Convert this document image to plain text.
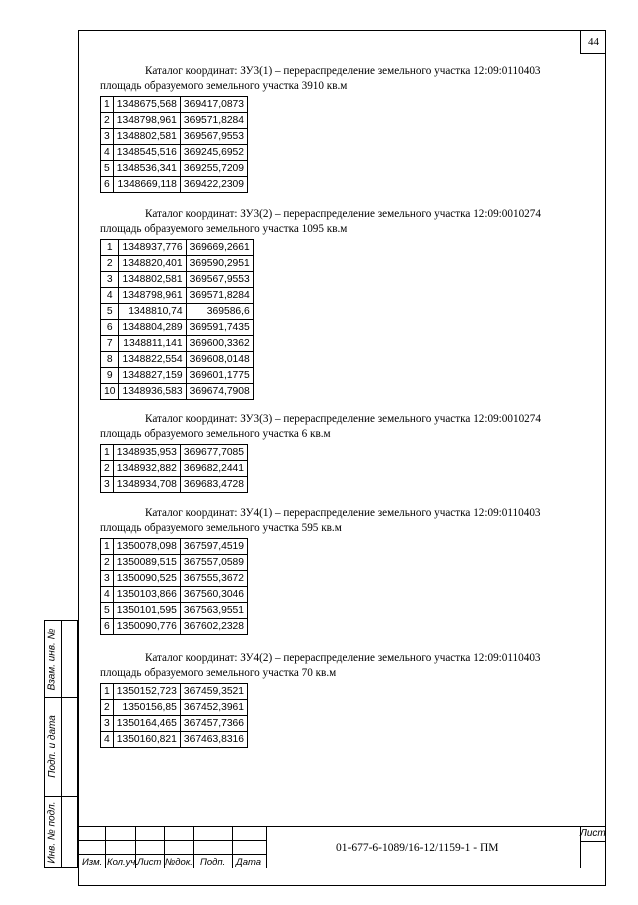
44
Каталог координат: ЗУ3(1) – перераспределение земельного участка 12:09:0110403
площадь образуемого земельного участка 3910 кв.м
1	1348675,568	369417,0873
2	1348798,961	369571,8284
3	1348802,581	369567,9553
4	1348545,516	369245,6952
5	1348536,341	369255,7209
6	1348669,118	369422,2309
Каталог координат: ЗУ3(2) – перераспределение земельного участка 12:09:0010274
площадь образуемого земельного участка 1095 кв.м
1	1348937,776	369669,2661
2	1348820,401	369590,2951
3	1348802,581	369567,9553
4	1348798,961	369571,8284
5	1348810,74	369586,6
6	1348804,289	369591,7435
7	1348811,141	369600,3362
8	1348822,554	369608,0148
9	1348827,159	369601,1775
10	1348936,583	369674,7908
Каталог координат: ЗУ3(3) – перераспределение земельного участка 12:09:0010274
площадь образуемого земельного участка 6 кв.м
1	1348935,953	369677,7085
2	1348932,882	369682,2441
3	1348934,708	369683,4728
Каталог координат: ЗУ4(1) – перераспределение земельного участка 12:09:0110403
площадь образуемого земельного участка 595 кв.м
1	1350078,098	367597,4519
2	1350089,515	367557,0589
3	1350090,525	367555,3672
4	1350103,866	367560,3046
5	1350101,595	367563,9551
6	1350090,776	367602,2328
Каталог координат: ЗУ4(2) – перераспределение земельного участка 12:09:0110403
площадь образуемого земельного участка 70 кв.м
1	1350152,723	367459,3521
2	1350156,85	367452,3961
3	1350164,465	367457,7366
4	1350160,821	367463,8316
Взам. инв. №
Подп. и дата
Инв. № подл.	Изм. Кол.уч. Лист №док. Подп. Дата
01-677-6-1089/16-12/1159-1 - ПМ
Лист
